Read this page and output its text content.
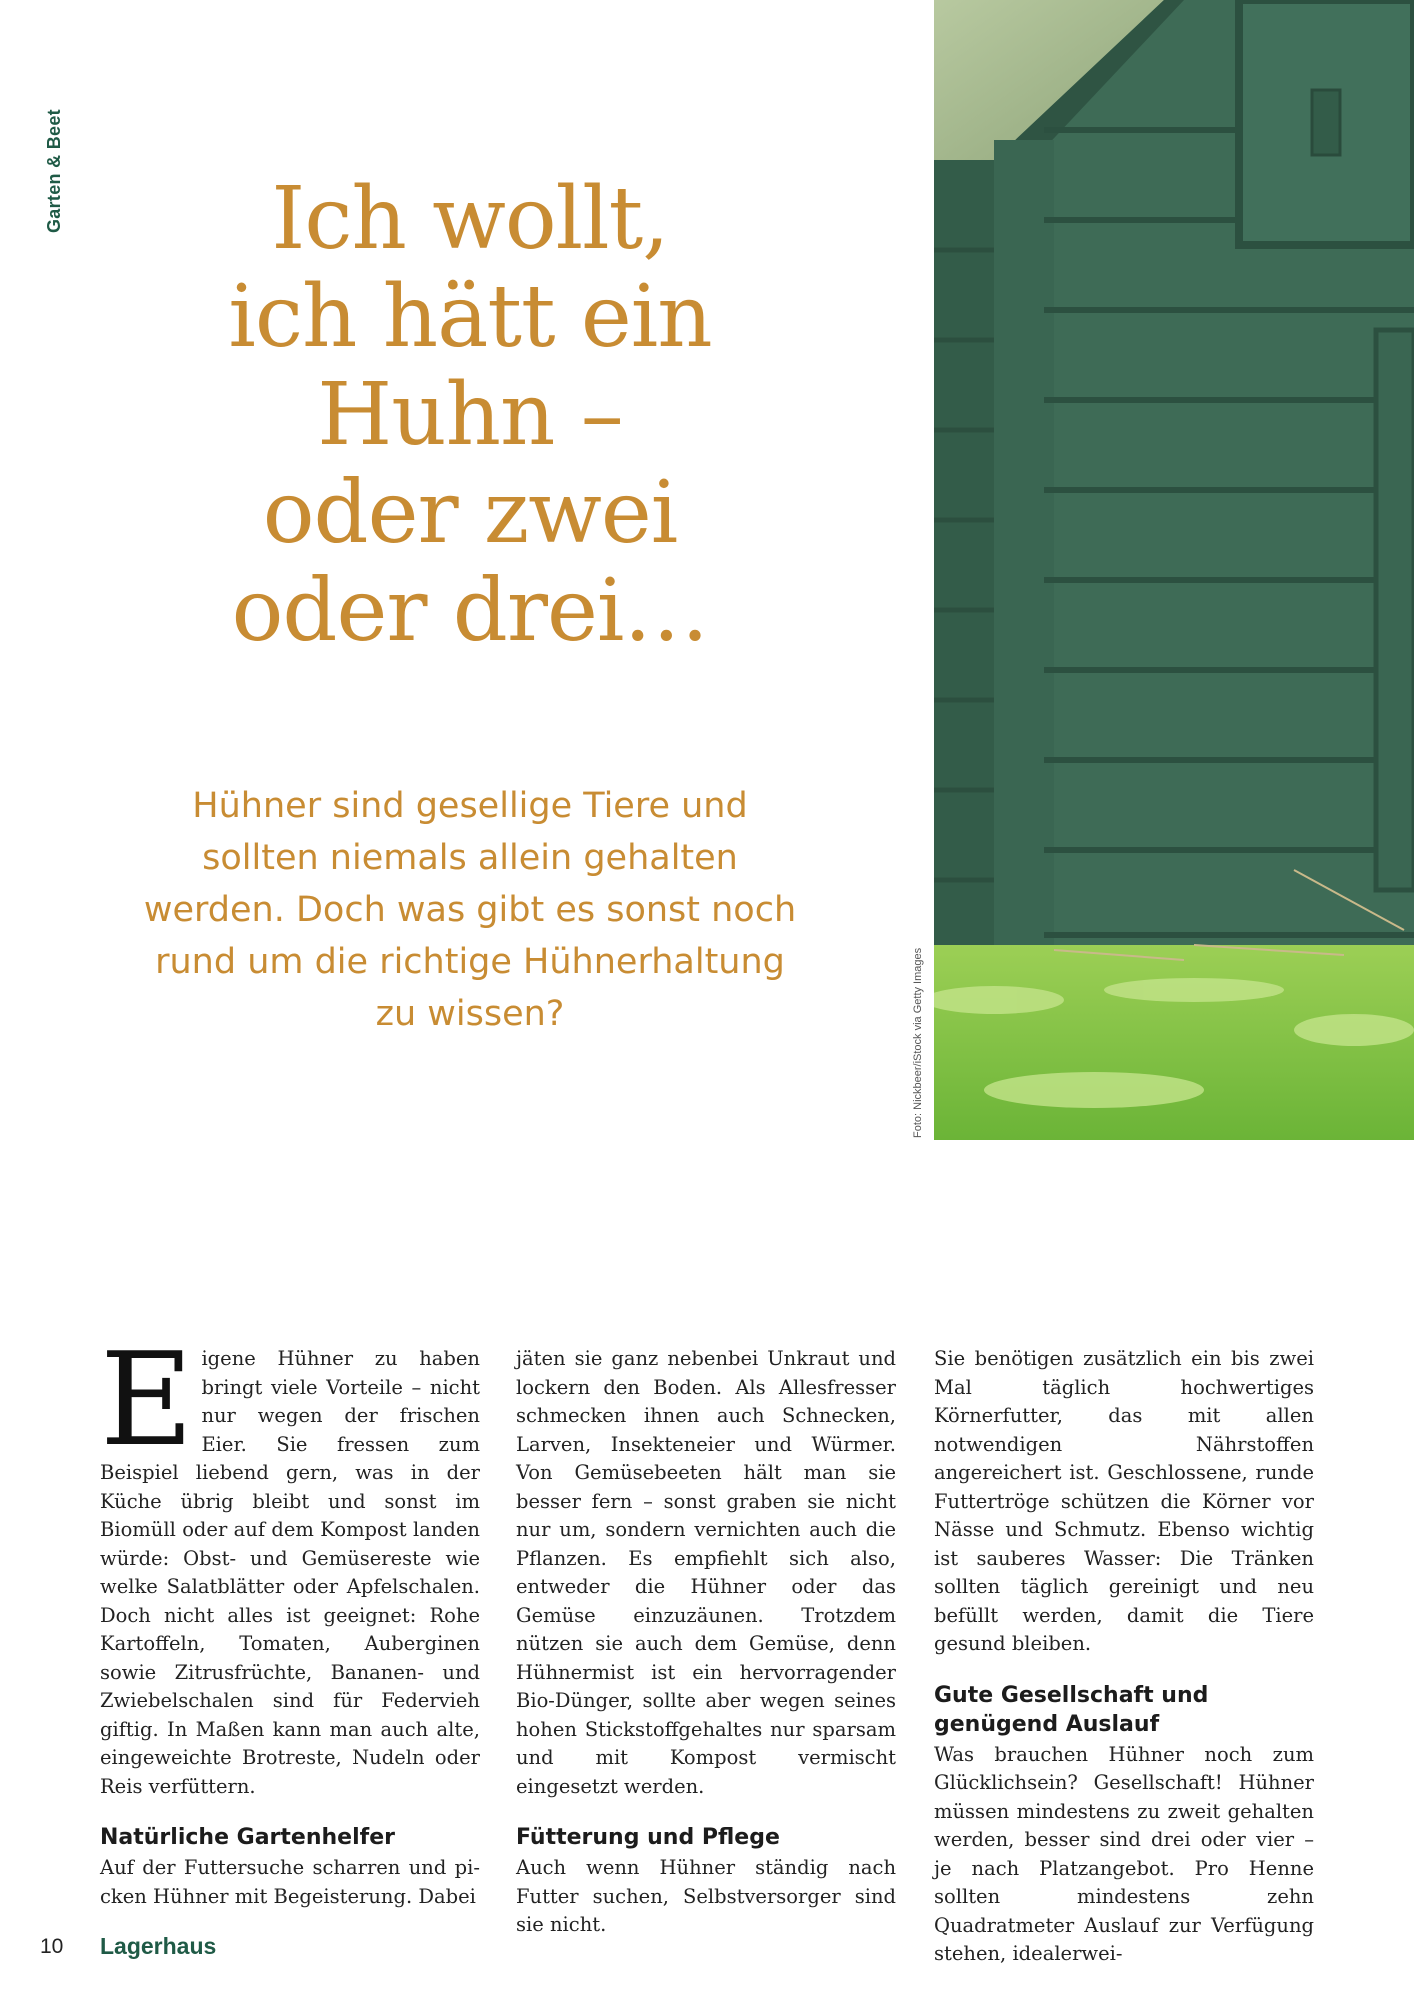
Garten & Beet	Ich wollt,
ich hätt ein
Huhn –
oder zwei
oder drei…

Hühner sind gesellige Tiere und
sollten niemals allein gehalten
werden. Doch was gibt es sonst noch
rund um die richtige Hühnerhaltung
zu wissen?	Foto: Nickbeer/iStock via Getty Images

Eigene Hühner zu haben bringt viele Vorteile – nicht nur wegen der frischen Eier. Sie fressen zum Beispiel liebend gern, was in der Küche übrig bleibt und sonst im Biomüll oder auf dem Kompost landen würde: Obst- und Gemüsereste wie welke Salatblätter oder Apfelschalen. Doch nicht alles ist geeignet: Rohe Kartoffeln, Tomaten, Auberginen sowie Zitrusfrüchte, Bananen- und Zwiebelschalen sind für Federvieh giftig. In Maßen kann man auch alte, eingeweichte Brotreste, Nudeln oder Reis verfüttern.

Natürliche Gartenhelfer

Auf der Futtersuche scharren und picken Hühner mit Begeisterung. Dabei

jäten sie ganz nebenbei Unkraut und lockern den Boden. Als Allesfresser schmecken ihnen auch Schnecken, Larven, Insekteneier und Würmer. Von Gemüsebeeten hält man sie besser fern – sonst graben sie nicht nur um, sondern vernichten auch die Pflanzen. Es empfiehlt sich also, entweder die Hühner oder das Gemüse einzuzäunen. Trotzdem nützen sie auch dem Gemüse, denn Hühnermist ist ein hervorragender Bio-Dünger, sollte aber wegen seines hohen Stickstoffgehaltes nur sparsam und mit Kompost vermischt eingesetzt werden.

Fütterung und Pflege

Auch wenn Hühner ständig nach Futter suchen, Selbstversorger sind sie nicht.

Sie benötigen zusätzlich ein bis zwei Mal täglich hochwertiges Körnerfutter, das mit allen notwendigen Nährstoffen angereichert ist. Geschlossene, runde Futtertröge schützen die Körner vor Nässe und Schmutz. Ebenso wichtig ist sauberes Wasser: Die Tränken sollten täglich gereinigt und neu befüllt werden, damit die Tiere gesund bleiben.

Gute Gesellschaft und genügend Auslauf

Was brauchen Hühner noch zum Glücklichsein? Gesellschaft! Hühner müssen mindestens zu zweit gehalten werden, besser sind drei oder vier – je nach Platzangebot. Pro Henne sollten mindestens zehn Quadratmeter Auslauf zur Verfügung stehen, idealerwei-

10 Lagerhaus
